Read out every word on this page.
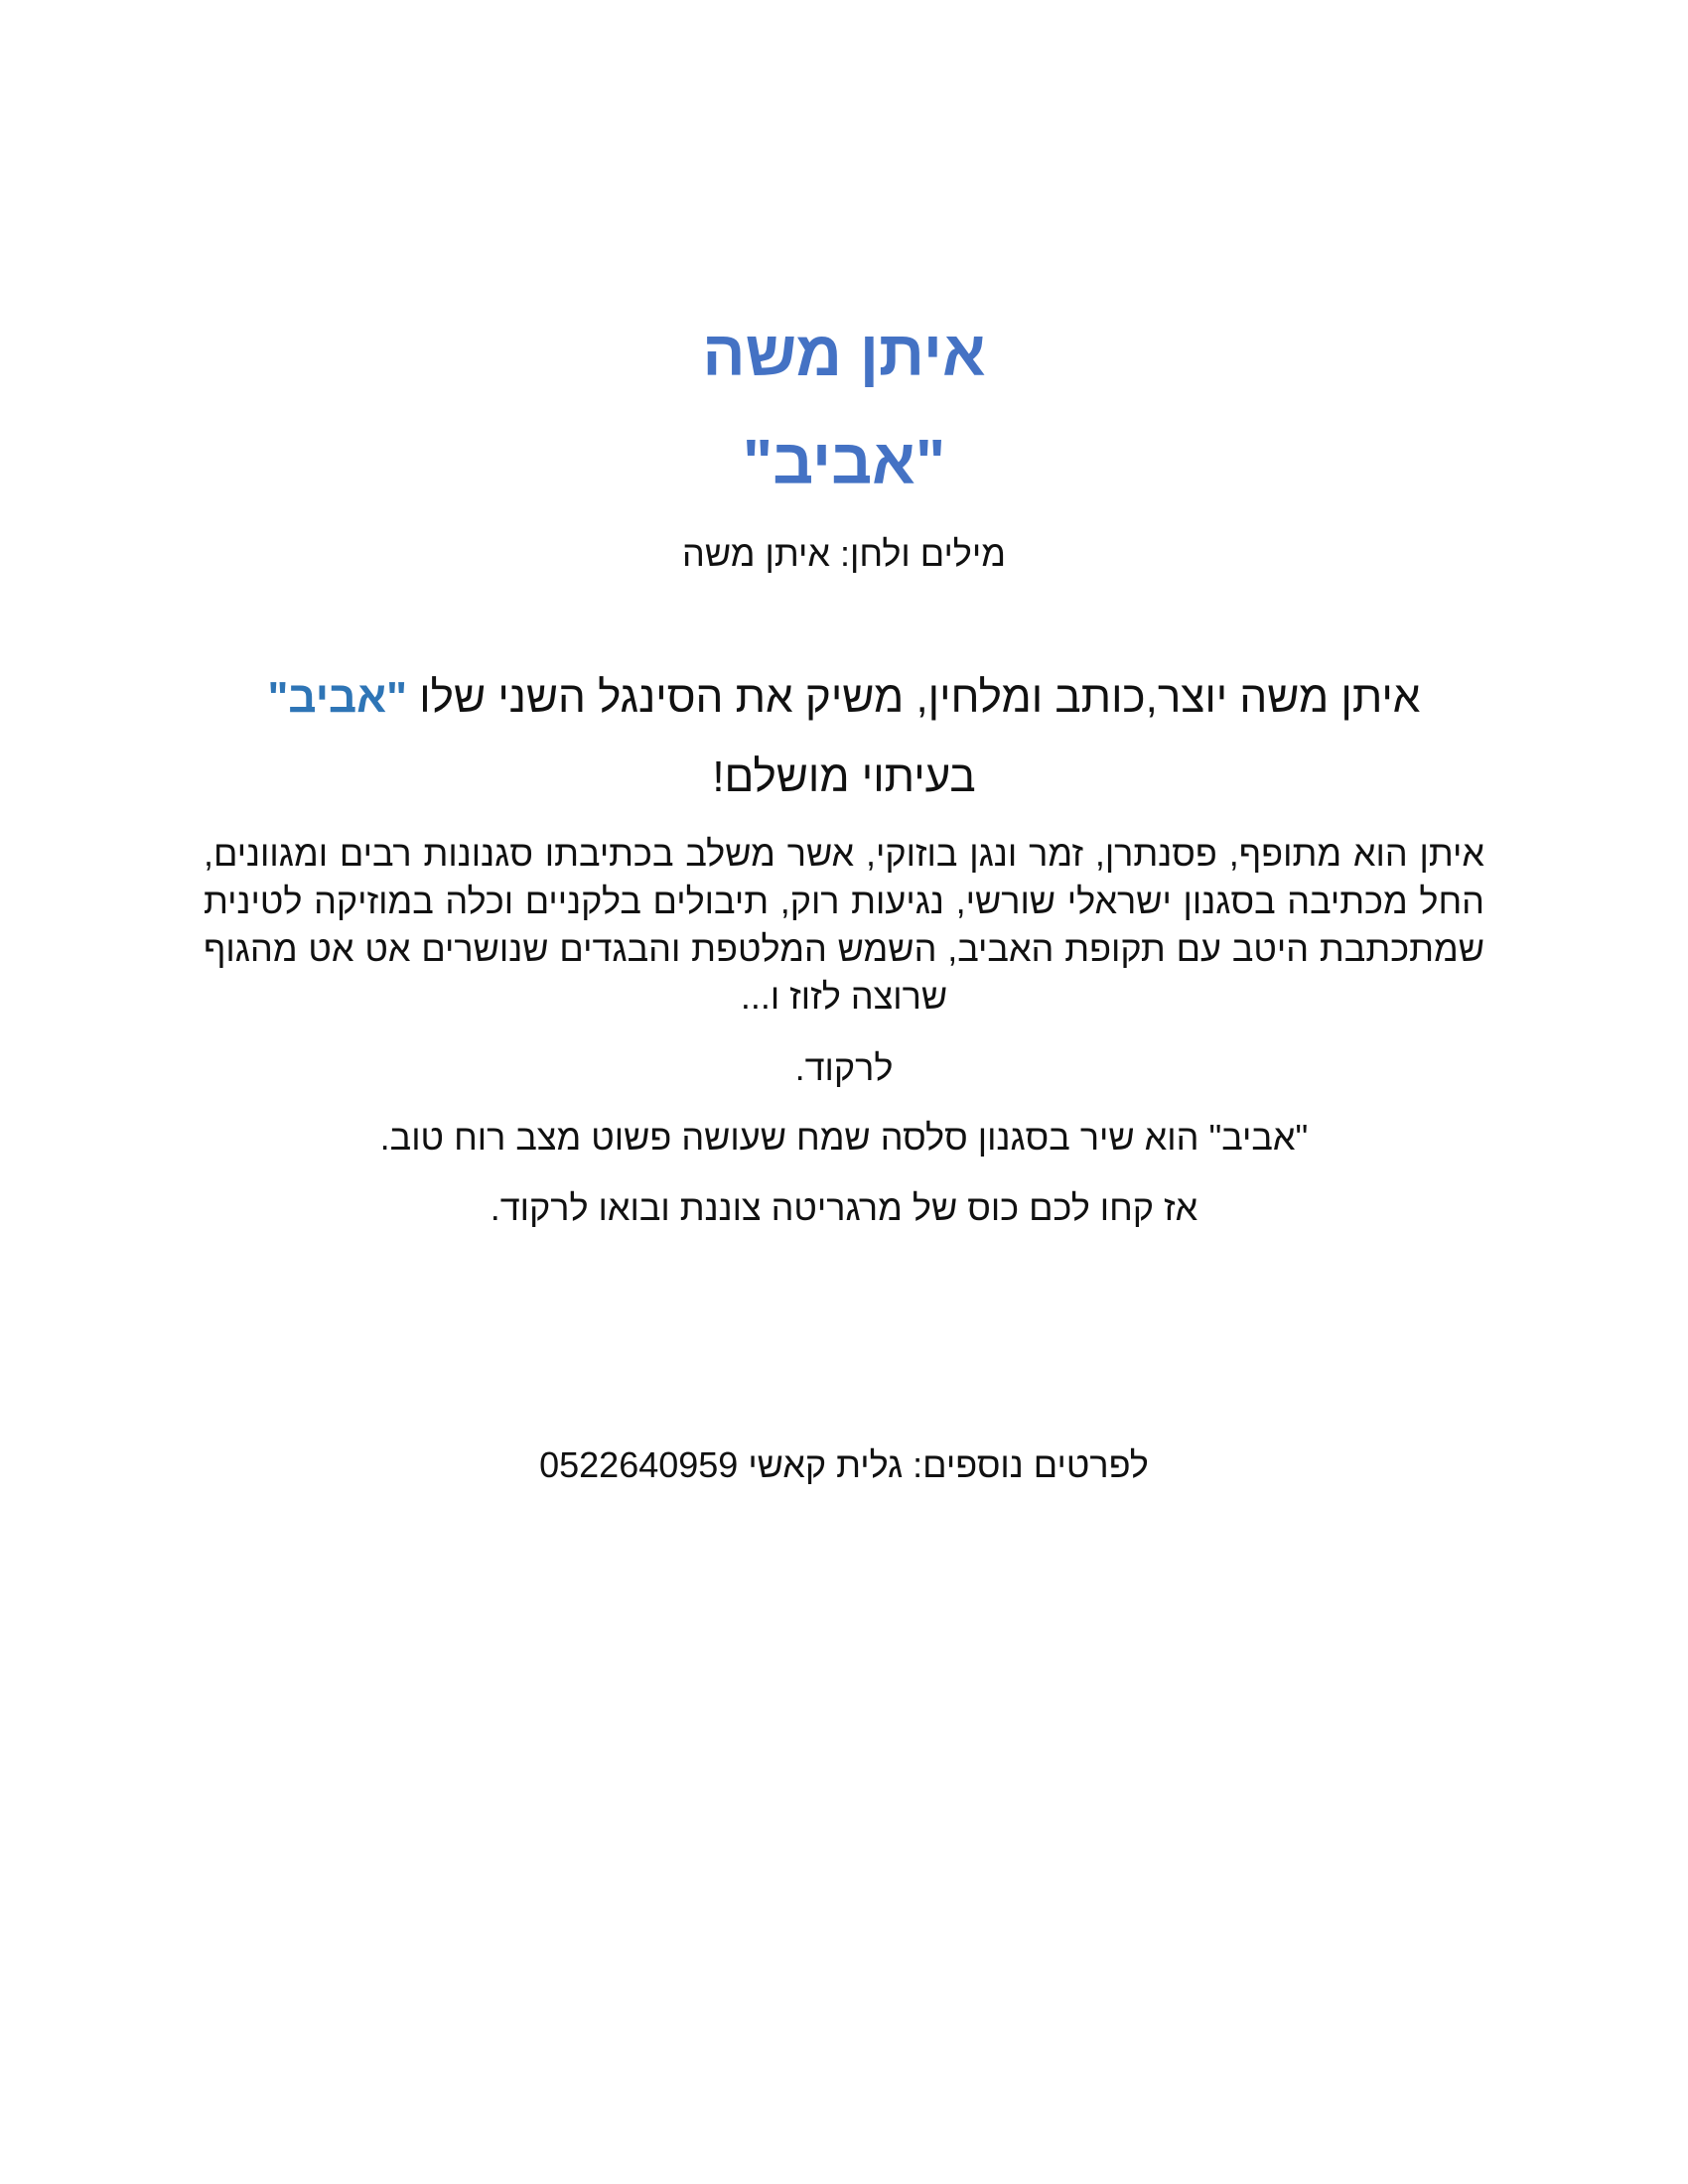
איתן משה
"אביב"
מילים ולחן: איתן משה
איתן משה יוצר,כותב ומלחין, משיק את הסינגל השני שלו "אביב"
בעיתוי מושלם!
איתן הוא מתופף, פסנתרן, זמר ונגן בוזוקי, אשר משלב בכתיבתו סגנונות רבים ומגוונים,
החל מכתיבה בסגנון ישראלי שורשי, נגיעות רוק, תיבולים בלקניים וכלה במוזיקה לטינית
שמתכתבת היטב עם תקופת האביב, השמש המלטפת והבגדים שנושרים אט אט מהגוף
שרוצה לזוז ו...
לרקוד.
"אביב" הוא שיר בסגנון סלסה שמח שעושה פשוט מצב רוח טוב.
אז קחו לכם כוס של מרגריטה צוננת ובואו לרקוד.
לפרטים נוספים: גלית קאשי 0522640959
